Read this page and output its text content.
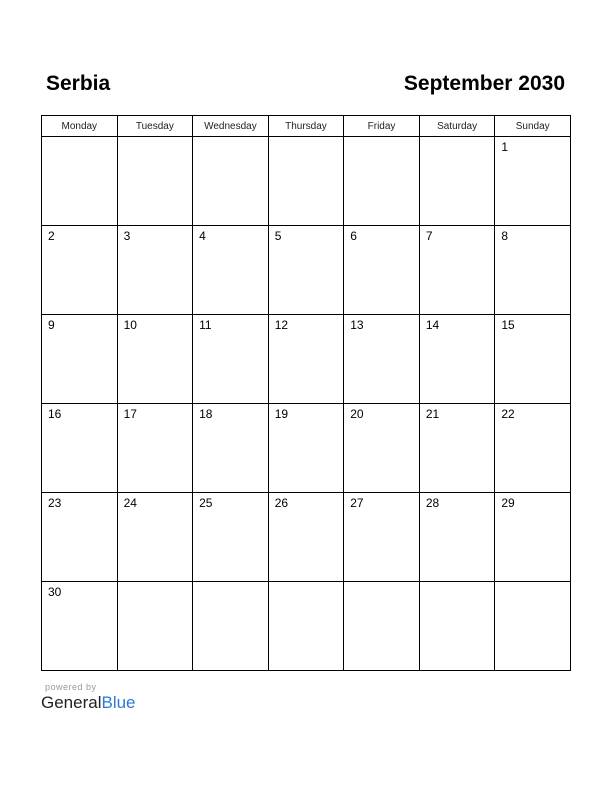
Serbia	September 2030
Monday	Tuesday	Wednesday	Thursday	Friday	Saturday	Sunday

						1

2	3	4	5	6	7	8

9	10	11	12	13	14	15

16	17	18	19	20	21	22

23	24	25	26	27	28	29

30						

powered by
GeneralBlue
